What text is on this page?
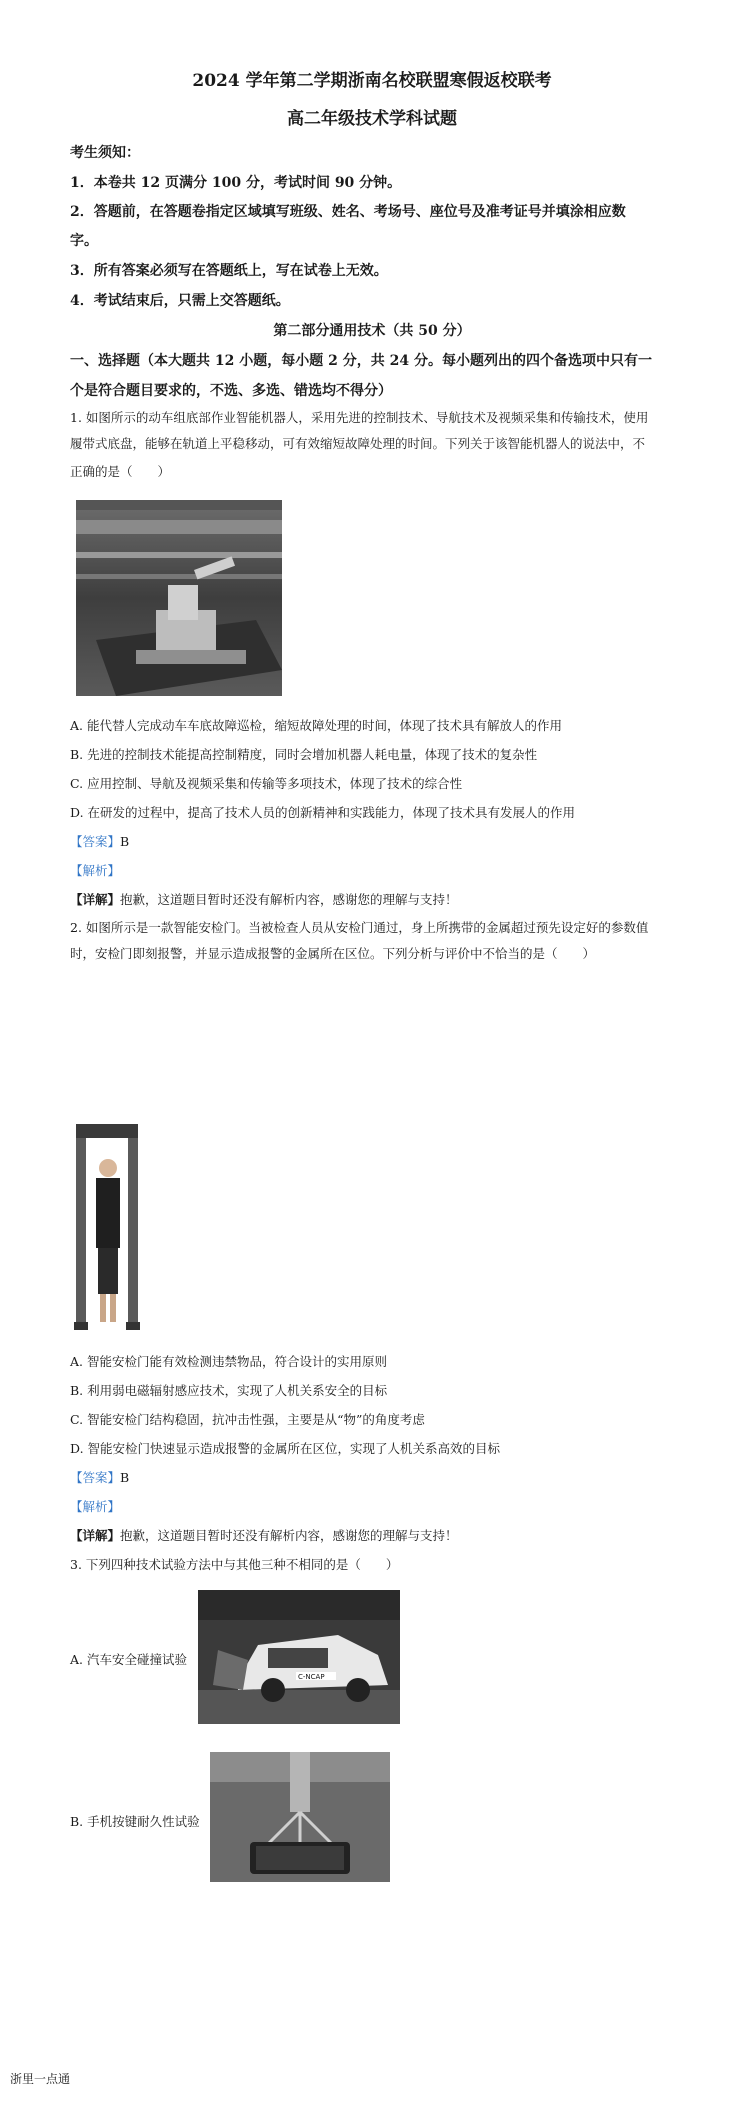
2024 学年第二学期浙南名校联盟寒假返校联考
高二年级技术学科试题
考生须知：
1．本卷共 12 页满分 100 分，考试时间 90 分钟。
2．答题前，在答题卷指定区域填写班级、姓名、考场号、座位号及准考证号并填涂相应数
字。
3．所有答案必须写在答题纸上，写在试卷上无效。
4．考试结束后，只需上交答题纸。
第二部分通用技术（共 50 分）
一、选择题（本大题共 12 小题，每小题 2 分，共 24 分。每小题列出的四个备选项中只有一
个是符合题目要求的，不选、多选、错选均不得分）
1. 如图所示的动车组底部作业智能机器人，采用先进的控制技术、导航技术及视频采集和传输技术，使用
履带式底盘，能够在轨道上平稳移动，可有效缩短故障处理的时间。下列关于该智能机器人的说法中，不
正确的是（　　）
A. 能代替人完成动车车底故障巡检，缩短故障处理的时间，体现了技术具有解放人的作用
B. 先进的控制技术能提高控制精度，同时会增加机器人耗电量，体现了技术的复杂性
C. 应用控制、导航及视频采集和传输等多项技术，体现了技术的综合性
D. 在研发的过程中，提高了技术人员的创新精神和实践能力，体现了技术具有发展人的作用
【答案】B
【解析】
【详解】抱歉，这道题目暂时还没有解析内容，感谢您的理解与支持！
2. 如图所示是一款智能安检门。当被检查人员从安检门通过，身上所携带的金属超过预先设定好的参数值
时，安检门即刻报警，并显示造成报警的金属所在区位。下列分析与评价中不恰当的是（　　）
A. 智能安检门能有效检测违禁物品，符合设计的实用原则
B. 利用弱电磁辐射感应技术，实现了人机关系安全的目标
C. 智能安检门结构稳固，抗冲击性强，主要是从“物”的角度考虑
D. 智能安检门快速显示造成报警的金属所在区位，实现了人机关系高效的目标
【答案】B
【解析】
【详解】抱歉，这道题目暂时还没有解析内容，感谢您的理解与支持！
3. 下列四种技术试验方法中与其他三种不相同的是（　　）
C-NCAP
A. 汽车安全碰撞试验
B. 手机按键耐久性试验
浙里一点通
